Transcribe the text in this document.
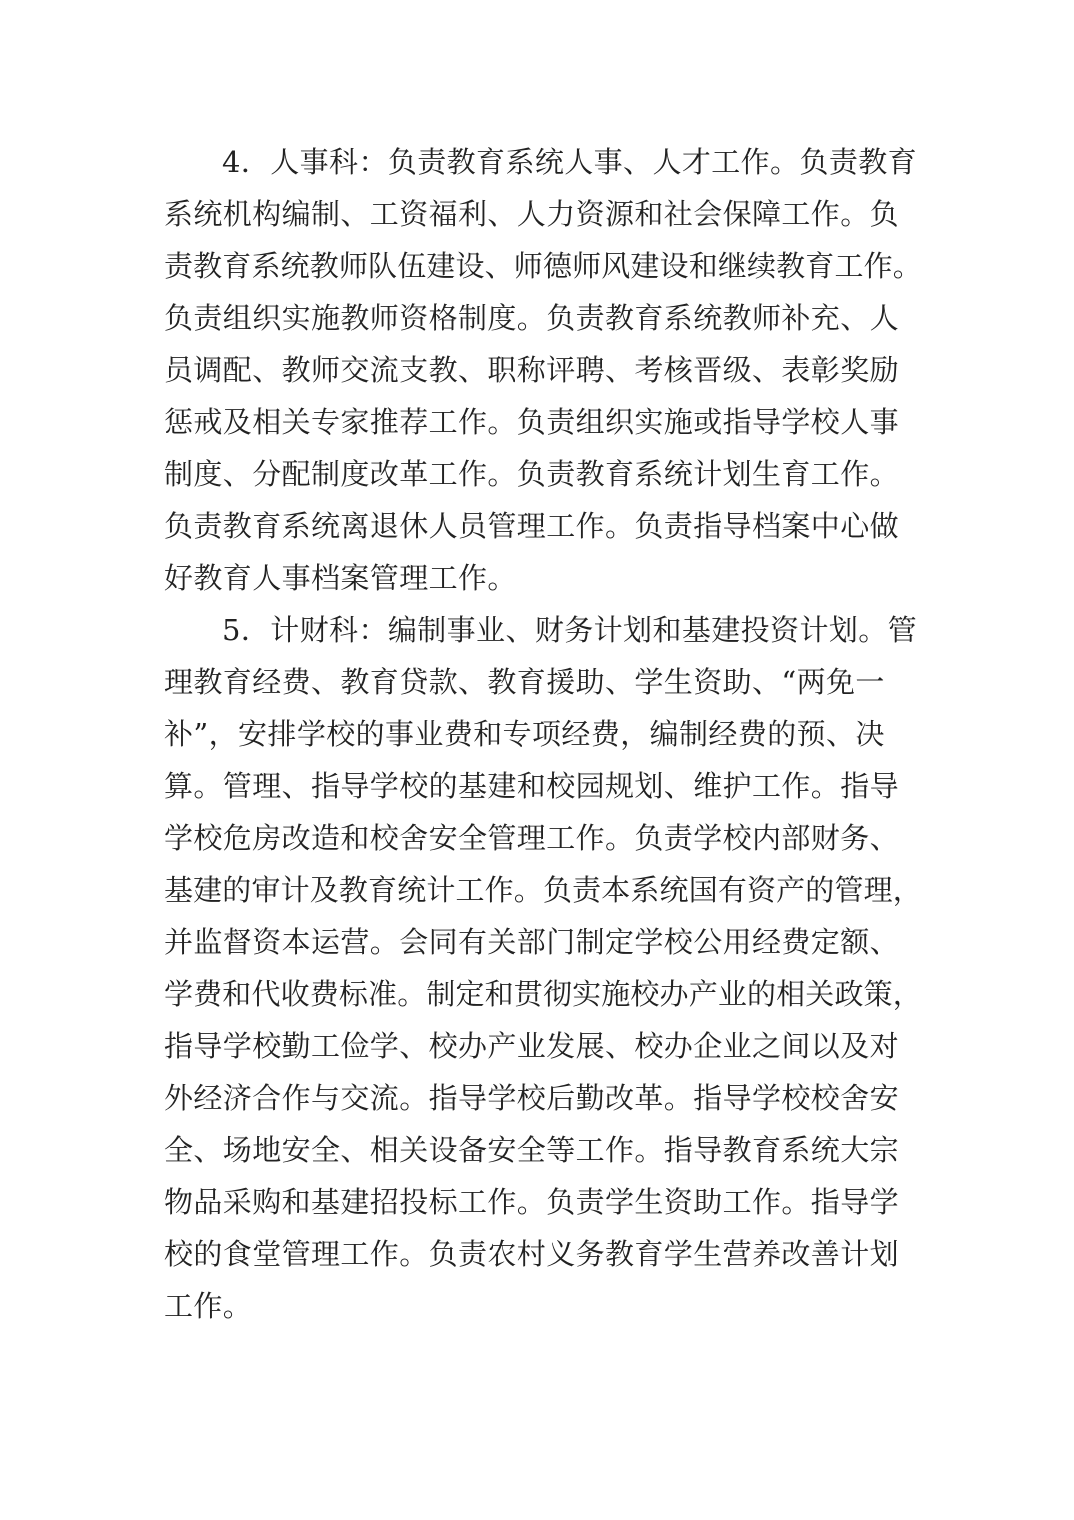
4．人事科：负责教育系统人事、人才工作。负责教育
系统机构编制、工资福利、人力资源和社会保障工作。负
责教育系统教师队伍建设、师德师风建设和继续教育工作。
负责组织实施教师资格制度。负责教育系统教师补充、人
员调配、教师交流支教、职称评聘、考核晋级、表彰奖励
惩戒及相关专家推荐工作。负责组织实施或指导学校人事
制度、分配制度改革工作。负责教育系统计划生育工作。
负责教育系统离退休人员管理工作。负责指导档案中心做
好教育人事档案管理工作。
5．计财科：编制事业、财务计划和基建投资计划。管
理教育经费、教育贷款、教育援助、学生资助、“两免一
补”，安排学校的事业费和专项经费，编制经费的预、决
算。管理、指导学校的基建和校园规划、维护工作。指导
学校危房改造和校舍安全管理工作。负责学校内部财务、
基建的审计及教育统计工作。负责本系统国有资产的管理，
并监督资本运营。会同有关部门制定学校公用经费定额、
学费和代收费标准。制定和贯彻实施校办产业的相关政策，
指导学校勤工俭学、校办产业发展、校办企业之间以及对
外经济合作与交流。指导学校后勤改革。指导学校校舍安
全、场地安全、相关设备安全等工作。指导教育系统大宗
物品采购和基建招投标工作。负责学生资助工作。指导学
校的食堂管理工作。负责农村义务教育学生营养改善计划
工作。
